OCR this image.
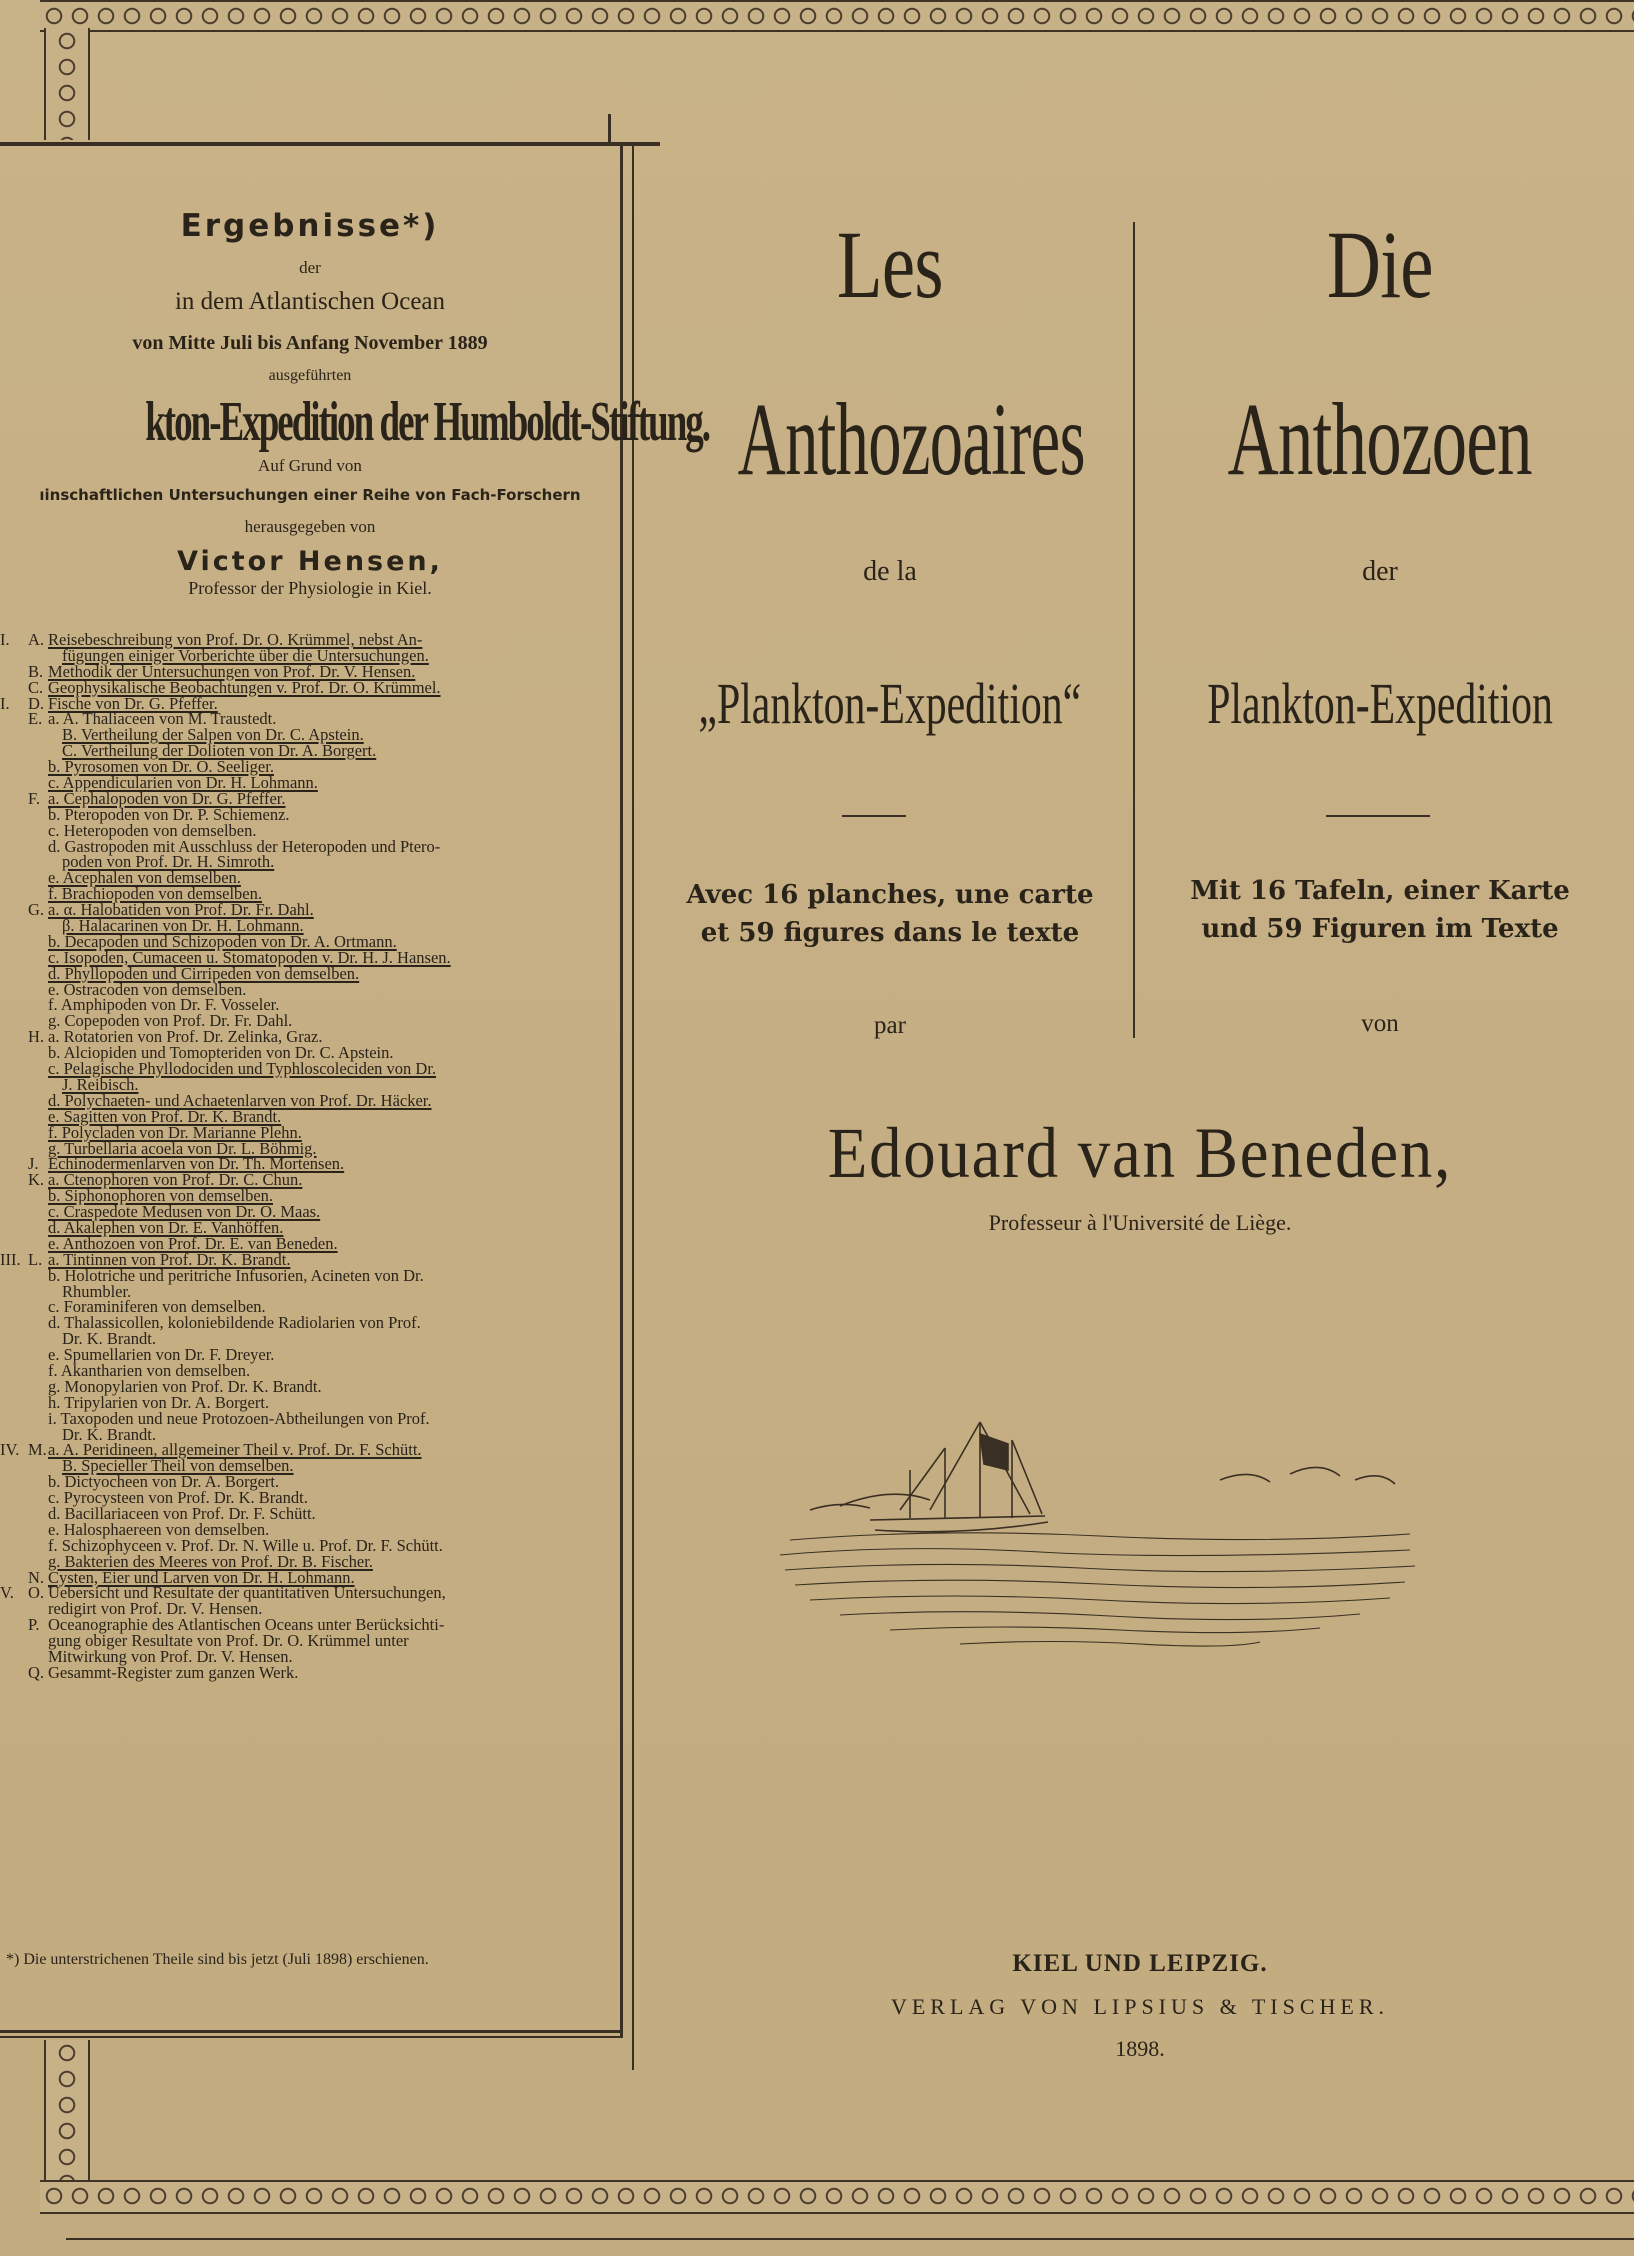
Ergebnisse*)
der
in dem Atlantischen Ocean
von Mitte Juli bis Anfang November 1889
ausgeführten
kton-Expedition der Humboldt-Stiftung.
Auf Grund von
ıinschaftlichen Untersuchungen einer Reihe von Fach-Forschern
herausgegeben von
Victor Hensen,
Professor der Physiologie in Kiel.
I.	A. Reisebeschreibung von Prof. Dr. O. Krümmel, nebst An-
fügungen einiger Vorberichte über die Untersuchungen.
B. Methodik der Untersuchungen von Prof. Dr. V. Hensen.
C. Geophysikalische Beobachtungen v. Prof. Dr. O. Krümmel.
I.	D. Fische von Dr. G. Pfeffer.
E. a. A. Thaliaceen von M. Traustedt.
B. Vertheilung der Salpen von Dr. C. Apstein.
C. Vertheilung der Dolioten von Dr. A. Borgert.
b. Pyrosomen von Dr. O. Seeliger.
c. Appendicularien von Dr. H. Lohmann.
F. a. Cephalopoden von Dr. G. Pfeffer.
b. Pteropoden von Dr. P. Schiemenz.
c. Heteropoden von demselben.
d. Gastropoden mit Ausschluss der Heteropoden und Ptero-
poden von Prof. Dr. H. Simroth.
e. Acephalen von demselben.
f. Brachiopoden von demselben.
G. a. α. Halobatiden von Prof. Dr. Fr. Dahl.
β. Halacarinen von Dr. H. Lohmann.
b. Decapoden und Schizopoden von Dr. A. Ortmann.
c. Isopoden, Cumaceen u. Stomatopoden v. Dr. H. J. Hansen.
d. Phyllopoden und Cirripeden von demselben.
e. Ostracoden von demselben.
f. Amphipoden von Dr. F. Vosseler.
g. Copepoden von Prof. Dr. Fr. Dahl.
H. a. Rotatorien von Prof. Dr. Zelinka, Graz.
b. Alciopiden und Tomopteriden von Dr. C. Apstein.
c. Pelagische Phyllodociden und Typhloscoleciden von Dr.
J. Reibisch.
d. Polychaeten- und Achaetenlarven von Prof. Dr. Häcker.
e. Sagitten von Prof. Dr. K. Brandt.
f. Polycladen von Dr. Marianne Plehn.
g. Turbellaria acoela von Dr. L. Böhmig.
J. Echinodermenlarven von Dr. Th. Mortensen.
K. a. Ctenophoren von Prof. Dr. C. Chun.
b. Siphonophoren von demselben.
c. Craspedote Medusen von Dr. O. Maas.
d. Akalephen von Dr. E. Vanhöffen.
e. Anthozoen von Prof. Dr. E. van Beneden.
III. L. a. Tintinnen von Prof. Dr. K. Brandt.
b. Holotriche und peritriche Infusorien, Acineten von Dr.
Rhumbler.
c. Foraminiferen von demselben.
d. Thalassicollen, koloniebildende Radiolarien von Prof.
Dr. K. Brandt.
e. Spumellarien von Dr. F. Dreyer.
f. Akantharien von demselben.
g. Monopylarien von Prof. Dr. K. Brandt.
h. Tripylarien von Dr. A. Borgert.
i. Taxopoden und neue Protozoen-Abtheilungen von Prof.
Dr. K. Brandt.
IV. M. a. A. Peridineen, allgemeiner Theil v. Prof. Dr. F. Schütt.
B. Specieller Theil von demselben.
b. Dictyocheen von Dr. A. Borgert.
c. Pyrocysteen von Prof. Dr. K. Brandt.
d. Bacillariaceen von Prof. Dr. F. Schütt.
e. Halosphaereen von demselben.
f. Schizophyceen v. Prof. Dr. N. Wille u. Prof. Dr. F. Schütt.
g. Bakterien des Meeres von Prof. Dr. B. Fischer.
N. Cysten, Eier und Larven von Dr. H. Lohmann.
V. O. Uebersicht und Resultate der quantitativen Untersuchungen,
redigirt von Prof. Dr. V. Hensen.
P. Oceanographie des Atlantischen Oceans unter Berücksichti-
gung obiger Resultate von Prof. Dr. O. Krümmel unter
Mitwirkung von Prof. Dr. V. Hensen.
Q. Gesammt-Register zum ganzen Werk.
*) Die unterstrichenen Theile sind bis jetzt (Juli 1898) erschienen.
Les
Anthozoaires
de la
„Plankton-Expedition“
Avec 16 planches, une carte
et 59 figures dans le texte
par
Die
Anthozoen
der
Plankton-Expedition
Mit 16 Tafeln, einer Karte
und 59 Figuren im Texte
von
Edouard van Beneden,
Professeur à l'Université de Liège.
KIEL UND LEIPZIG.
VERLAG VON LIPSIUS & TISCHER.
1898.
